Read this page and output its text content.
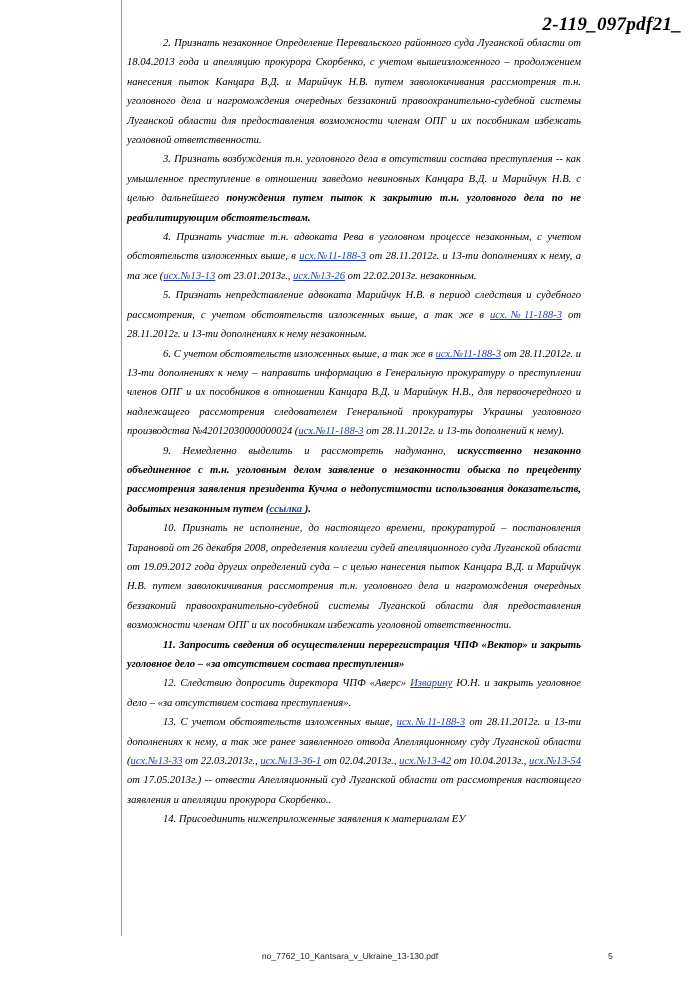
2-119_097pdf21_

2. Признать незаконное Определение Перевальского районного суда Луганской области от 18.04.2013 года и апелляцию прокурора Скорбенко, с учетом вышеизложенного – продолжением нанесения пыток Канцара В.Д. и Марийчук Н.В. путем заволокичивания рассмотрения т.н. уголовного дела и нагромождения очередных беззаконий правоохранительно-судебной системы Луганской области для предоставления возможности членам ОПГ и их пособникам избежать уголовной ответственности.

3. Признать возбуждения т.н. уголовного дела в отсутствии состава преступления -- как умышленное преступление в отношении заведомо невиновных Канцара В.Д. и Марийчук Н.В. с целью дальнейшего понуждения путем пыток к закрытию т.н. уголовного дела по не реабилитирующим обстоятельствам.

4. Признать участие т.н. адвоката Рева в уголовном процессе незаконным, с учетом обстоятельств изложенных выше, в исх.№11-188-3 от 28.11.2012г. и 13-ти дополнениях к нему, а та же (исх.№13-13 от 23.01.2013г., исх.№13-26 от 22.02.2013г. незаконным.

5. Признать непредставление адвоката Марийчук Н.В. в период следствия и судебного рассмотрения, с учетом обстоятельств изложенных выше, а так же в исх.№11-188-3 от 28.11.2012г. и 13-ти дополнениях к нему незаконным.

6. С учетом обстоятельств изложенных выше, а так же в исх.№11-188-3 от 28.11.2012г. и 13-ти дополнениях к нему – направить информацию в Генеральную прокуратуру о преступлении членов ОПГ и их пособников в отношении Канцара В.Д. и Марийчук Н.В., для первоочередного и надлежащего рассмотрения следователем Генеральной прокуратуры Украины уголовного производства №42012030000000024 (исх.№11-188-3 от 28.11.2012г. и 13-ть дополнений к нему).

9. Немедленно выделить и рассмотреть надуманно, искусственно незаконно объединенное с т.н. уголовным делом заявление о незаконности обыска по прецеденту рассмотрения заявления президента Кучма о недопустимости использования доказательств, добытых незаконным путем (ссылка ).

10. Признать не исполнение, до настоящего времени, прокуратурой – постановления Тарановой от 26 декабря 2008, определения коллегии судей апелляционного суда Луганской области от 19.09.2012 года других определений суда – с целью нанесения пыток Канцара В.Д. и Марийчук Н.В. путем заволокичивания рассмотрения т.н. уголовного дела и нагромождения очередных беззаконий правоохранительно-судебной системы Луганской области для предоставления возможности членам ОПГ и их пособникам избежать уголовной ответственности.

11. Запросить сведения об осуществлении перерегистрация ЧПФ «Вектор» и закрыть уголовное дело – «за отсутствием состава преступления»

12. Следствию допросить директора ЧПФ «Аверс» Изварину Ю.Н. и закрыть уголовное дело – «за отсутствием состава преступления».

13. С учетом обстоятельств изложенных выше, исх.№11-188-3 от 28.11.2012г. и 13-ти дополнениях к нему, а так же ранее заявленного отвода Апелляционному суду Луганской области (исх.№13-33 от 22.03.2013г., исх.№13-36-1 от 02.04.2013г., исх.№13-42 от 10.04.2013г., исх.№13-54 от 17.05.2013г.) -- отвести Апелляционный суд Луганской области от рассмотрения настоящего заявления и апелляции прокурора Скорбенко..

14. Присоединить нижеприложенные заявления к материалам ЕУ

no_7762_10_Kantsara_v_Ukraine_13-130.pdf	5
